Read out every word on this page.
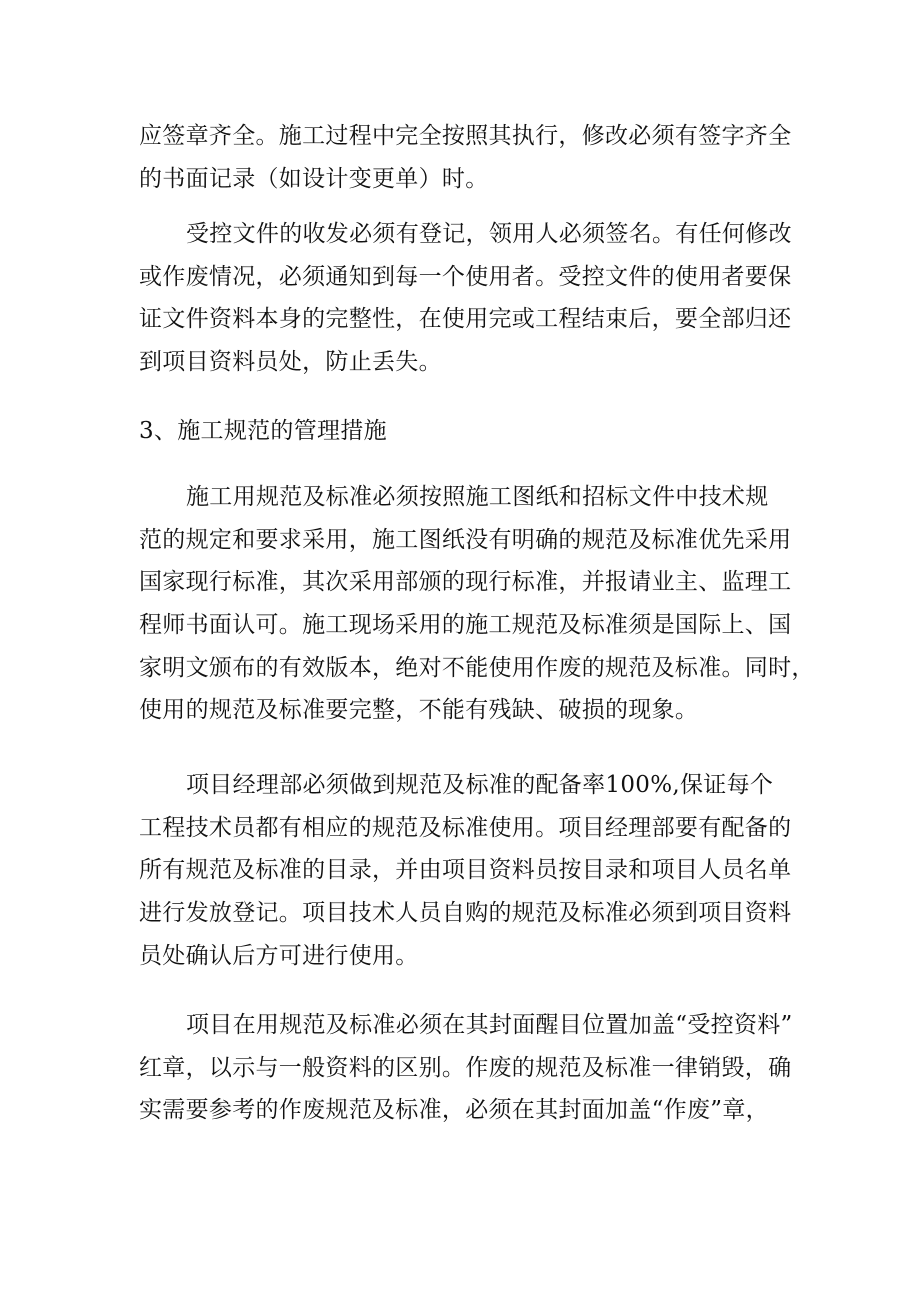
应签章齐全。施工过程中完全按照其执行，修改必须有签字齐全
的书面记录（如设计变更单）时。
受控文件的收发必须有登记，领用人必须签名。有任何修改
或作废情况，必须通知到每一个使用者。受控文件的使用者要保
证文件资料本身的完整性，在使用完或工程结束后，要全部归还
到项目资料员处，防止丢失。
3、施工规范的管理措施
施工用规范及标准必须按照施工图纸和招标文件中技术规
范的规定和要求采用，施工图纸没有明确的规范及标准优先采用
国家现行标准，其次采用部颁的现行标准，并报请业主、监理工
程师书面认可。施工现场采用的施工规范及标准须是国际上、国
家明文颁布的有效版本，绝对不能使用作废的规范及标准。同时，
使用的规范及标准要完整，不能有残缺、破损的现象。
项目经理部必须做到规范及标准的配备率100%,保证每个
工程技术员都有相应的规范及标准使用。项目经理部要有配备的
所有规范及标准的目录，并由项目资料员按目录和项目人员名单
进行发放登记。项目技术人员自购的规范及标准必须到项目资料
员处确认后方可进行使用。
项目在用规范及标准必须在其封面醒目位置加盖“受控资料”
红章，以示与一般资料的区别。作废的规范及标准一律销毁，确
实需要参考的作废规范及标准，必须在其封面加盖“作废”章，
